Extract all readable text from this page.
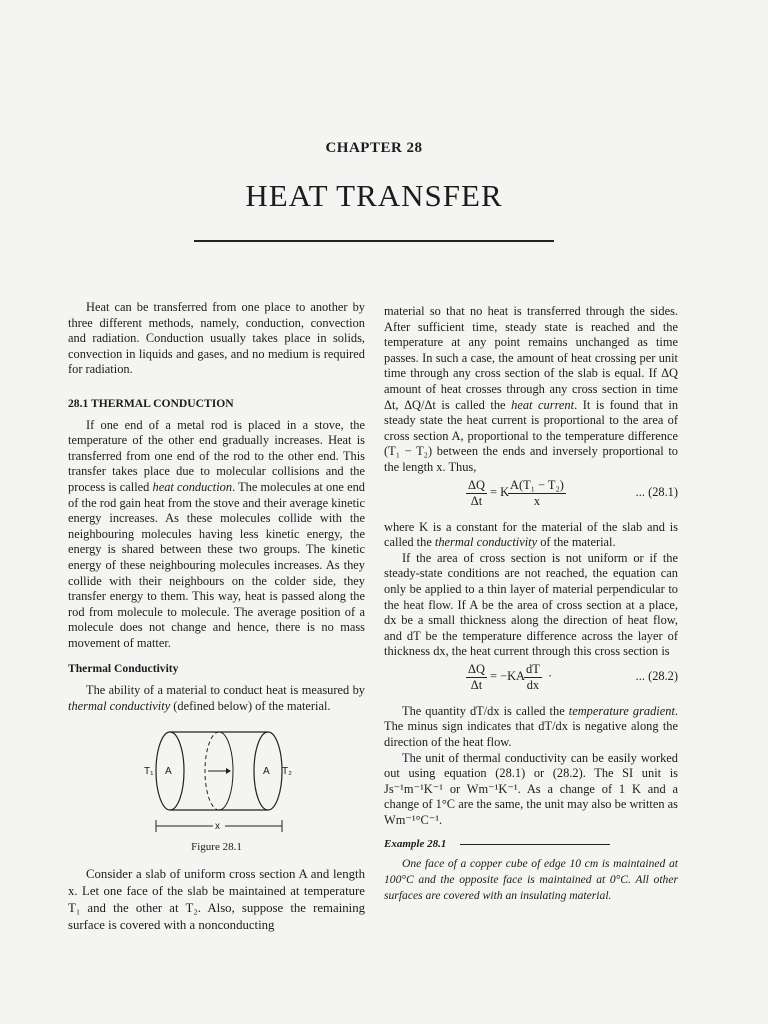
CHAPTER 28
HEAT TRANSFER

Heat can be transferred from one place to another by three different methods, namely, conduction, convection and radiation. Conduction usually takes place in solids, convection in liquids and gases, and no medium is required for radiation.

28.1 THERMAL CONDUCTION

If one end of a metal rod is placed in a stove, the temperature of the other end gradually increases. Heat is transferred from one end of the rod to the other end. This transfer takes place due to molecular collisions and the process is called heat conduction. The molecules at one end of the rod gain heat from the stove and their average kinetic energy increases. As these molecules collide with the neighbouring molecules having less kinetic energy, the energy is shared between these two groups. The kinetic energy of these neighbouring molecules increases. As they collide with their neighbours on the colder side, they transfer energy to them. This way, heat is passed along the rod from molecule to molecule. The average position of a molecule does not change and hence, there is no mass movement of matter.

Thermal Conductivity

The ability of a material to conduct heat is measured by thermal conductivity (defined below) of the material.

T₁ A	A T₂
x
Figure 28.1

Consider a slab of uniform cross section A and length x. Let one face of the slab be maintained at temperature T₁ and the other at T₂. Also, suppose the remaining surface is covered with a nonconducting

material so that no heat is transferred through the sides. After sufficient time, steady state is reached and the temperature at any point remains unchanged as time passes. In such a case, the amount of heat crossing per unit time through any cross section of the slab is equal. If ΔQ amount of heat crosses through any cross section in time Δt, ΔQ/Δt is called the heat current. It is found that in steady state the heat current is proportional to the area of cross section A, proportional to the temperature difference (T₁ − T₂) between the ends and inversely proportional to the length x. Thus,

$\frac{\Delta Q}{\Delta t} = K$
$\frac{\text{A(T₁ − T₂)}}{x}$	... (28.1)

where K is a constant for the material of the slab and is called the thermal conductivity of the material.

If the area of cross section is not uniform or if the steady-state conditions are not reached, the equation can only be applied to a thin layer of material perpendicular to the heat flow. If A be the area of cross section at a place, dx be a small thickness along the direction of heat flow, and dT be the temperature difference across the layer of thickness dx, the heat current through this cross section is

$\frac{\Delta Q}{\Delta t} = -KA \frac{dT}{dx}$ ·	... (28.2)

The quantity dT/dx is called the temperature gradient. The minus sign indicates that dT/dx is negative along the direction of the heat flow.

The unit of thermal conductivity can be easily worked out using equation (28.1) or (28.2). The SI unit is Js⁻¹m⁻¹K⁻¹ or Wm⁻¹K⁻¹. As a change of 1 K and a change of 1°C are the same, the unit may also be written as Wm⁻¹°C⁻¹.

Example 28.1

One face of a copper cube of edge 10 cm is maintained at 100°C and the opposite face is maintained at 0°C. All other surfaces are covered with an insulating material.
